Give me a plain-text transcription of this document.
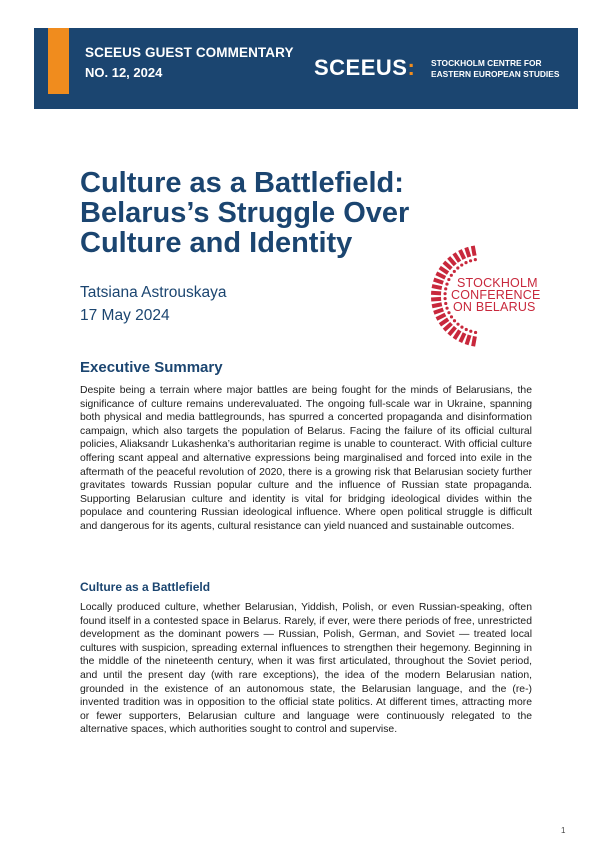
SCEEUS GUEST COMMENTARY
NO. 12, 2024	SCEEUS: STOCKHOLM CENTRE FOR
EASTERN EUROPEAN STUDIES
Culture as a Battlefield:
Belarus’s Struggle Over
Culture and Identity
Tatsiana Astrouskaya
17 May 2024
STOCKHOLM
CONFERENCE
ON BELARUS
Executive Summary

Despite being a terrain where major battles are being fought for the minds of Belarusians, the significance of culture remains underevaluated. The ongoing full-scale war in Ukraine, spanning both physical and media battlegrounds, has spurred a concerted propaganda and disinformation campaign, which also targets the population of Belarus. Facing the failure of its official cultural policies, Aliaksandr Lukashenka’s authoritarian regime is unable to counteract. With official culture offering scant appeal and alternative expressions being marginalised and forced into exile in the aftermath of the peaceful revolution of 2020, there is a growing risk that Belarusian society further gravitates towards Russian popular culture and the influence of Russian state propaganda. Supporting Belarusian culture and identity is vital for bridging ideological divides within the populace and countering Russian ideological influence. Where open political struggle is difficult and dangerous for its agents, cultural resistance can yield nuanced and sustainable outcomes.

Culture as a Battlefield

Locally produced culture, whether Belarusian, Yiddish, Polish, or even Russian-speaking, often found itself in a contested space in Belarus. Rarely, if ever, were there periods of free, unrestricted development as the dominant powers — Russian, Polish, German, and Soviet — treated local cultures with suspicion, spreading external influences to strengthen their hegemony. Beginning in the middle of the nineteenth century, when it was first articulated, throughout the Soviet period, and until the present day (with rare exceptions), the idea of the modern Belarusian nation, grounded in the existence of an autonomous state, the Belarusian language, and the (re-) invented tradition was in opposition to the official state politics. At different times, attracting more or fewer supporters, Belarusian culture and language were continuously relegated to the alternative spaces, which authorities sought to control and supervise.

1
